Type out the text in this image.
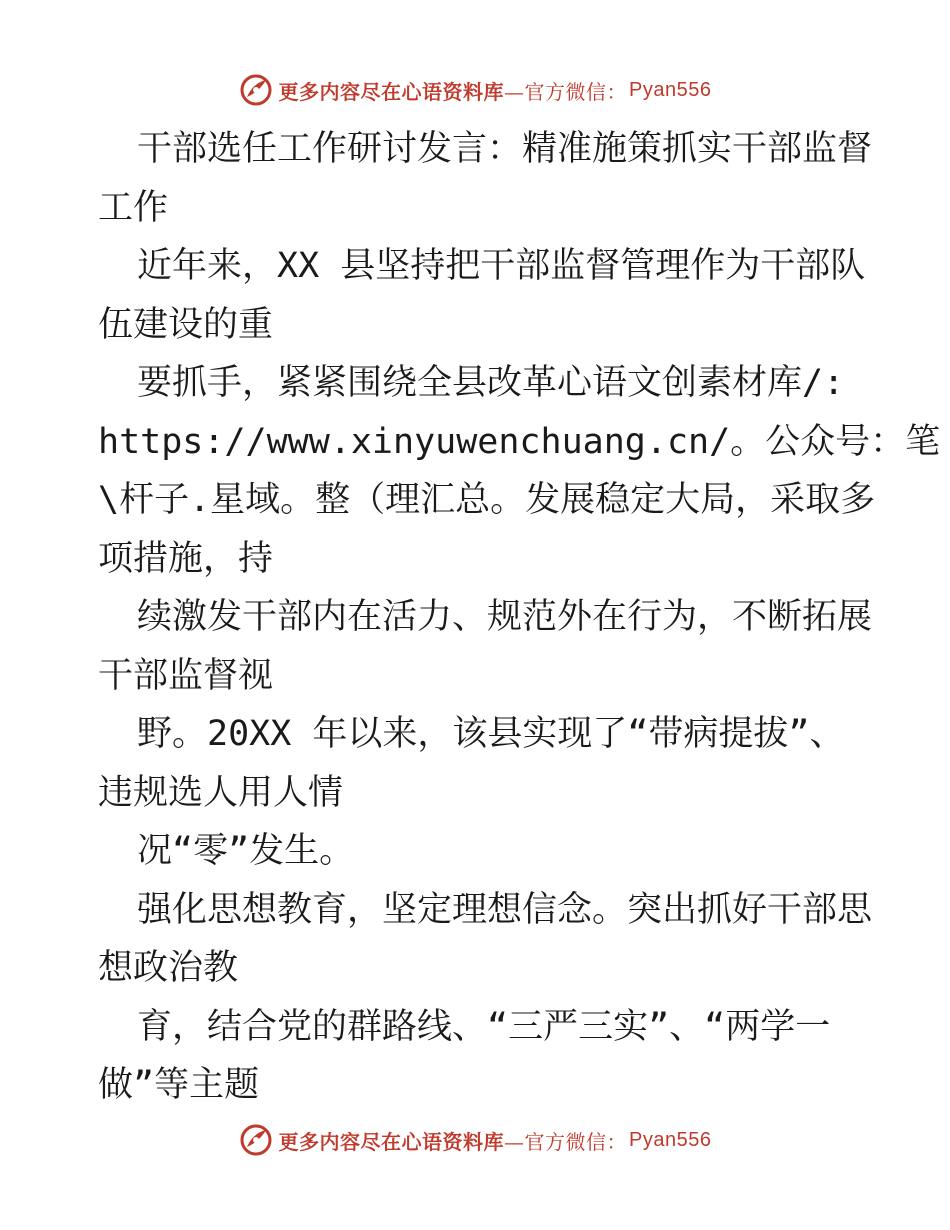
更多内容尽在心语资料库 —官方微信： Pyan556
干部选任工作研讨发言：精准施策抓实干部监督
工作
近年来，XX 县坚持把干部监督管理作为干部队
伍建设的重
要抓手，紧紧围绕全县改革心语文创素材库/:
https://www.xinyuwenchuang.cn/。公众号：笔
\杆子.星域。整（理汇总。发展稳定大局，采取多
项措施，持
续激发干部内在活力、规范外在行为，不断拓展
干部监督视
野。20XX 年以来，该县实现了“带病提拔”、
违规选人用人情
况“零”发生。
强化思想教育，坚定理想信念。突出抓好干部思
想政治教
育，结合党的群路线、“三严三实”、“两学一
做”等主题
更多内容尽在心语资料库 —官方微信： Pyan556
